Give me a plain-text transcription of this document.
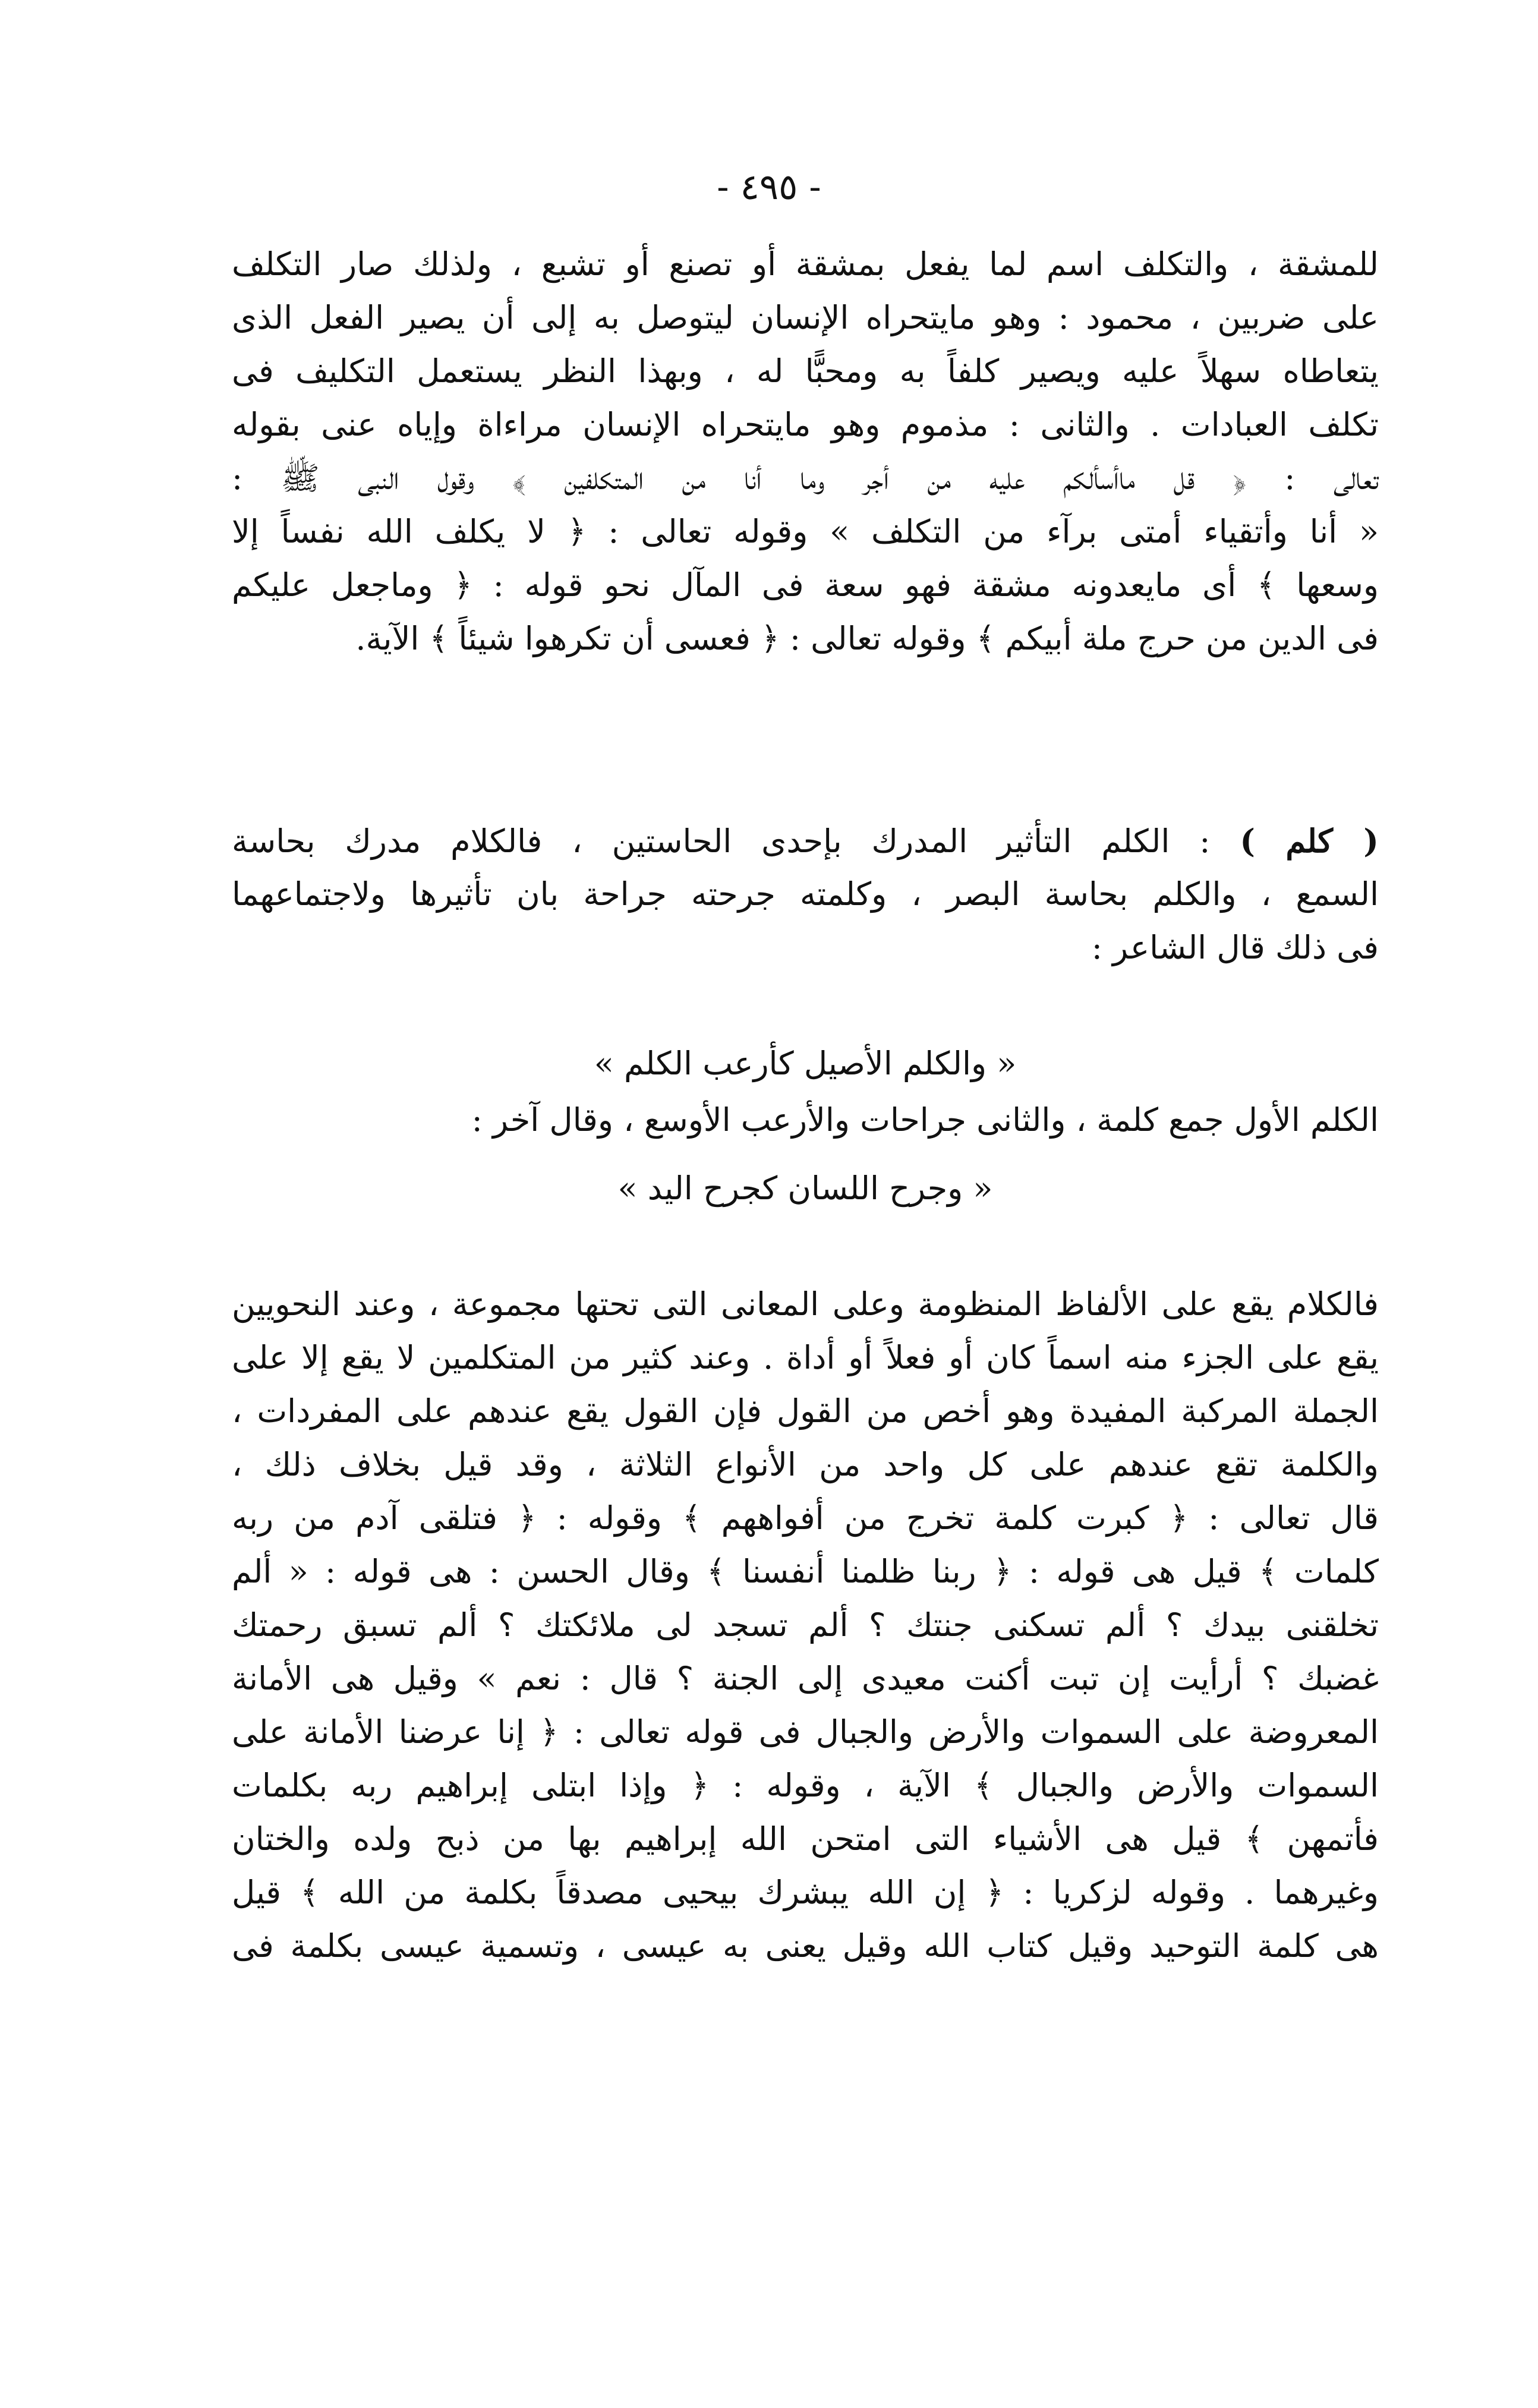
- ٤٩٥ -
للمشقة ، والتكلف اسم لما يفعل بمشقة أو تصنع أو تشبع ، ولذلك صار التكلف
على ضربين ، محمود : وهو مايتحراه الإنسان ليتوصل به إلى أن يصير الفعل الذى
يتعاطاه سهلاً عليه ويصير كلفاً به ومحبًّا له ، وبهذا النظر يستعمل التكليف فى
تكلف العبادات . والثانى : مذموم وهو مايتحراه الإنسان مراءاة وإياه عنى بقوله
تعالى : ﴿ قل ماأسألكم عليه من أجر وما أنا من المتكلفين ﴾ وقول النبى ﷺ :
« أنا وأتقياء أمتى برآء من التكلف » وقوله تعالى : ﴿ لا يكلف الله نفساً إلا
وسعها ﴾ أى مايعدونه مشقة فهو سعة فى المآل نحو قوله : ﴿ وماجعل عليكم
فى الدين من حرج ملة أبيكم ﴾ وقوله تعالى : ﴿ فعسى أن تكرهوا شيئاً ﴾ الآية.
( كلم ) : الكلم التأثير المدرك بإحدى الحاستين ، فالكلام مدرك بحاسة
السمع ، والكلم بحاسة البصر ، وكلمته جرحته جراحة بان تأثيرها ولاجتماعهما
فى ذلك قال الشاعر :
« والكلم الأصيل كأرعب الكلم »
الكلم الأول جمع كلمة ، والثانى جراحات والأرعب الأوسع ، وقال آخر :
« وجرح اللسان كجرح اليد »
فالكلام يقع على الألفاظ المنظومة وعلى المعانى التى تحتها مجموعة ، وعند النحويين
يقع على الجزء منه اسماً كان أو فعلاً أو أداة . وعند كثير من المتكلمين لا يقع إلا على
الجملة المركبة المفيدة وهو أخص من القول فإن القول يقع عندهم على المفردات ،
والكلمة تقع عندهم على كل واحد من الأنواع الثلاثة ، وقد قيل بخلاف ذلك ،
قال تعالى : ﴿ كبرت كلمة تخرج من أفواههم ﴾ وقوله : ﴿ فتلقى آدم من ربه
كلمات ﴾ قيل هى قوله : ﴿ ربنا ظلمنا أنفسنا ﴾ وقال الحسن : هى قوله : « ألم
تخلقنى بيدك ؟ ألم تسكنى جنتك ؟ ألم تسجد لى ملائكتك ؟ ألم تسبق رحمتك
غضبك ؟ أرأيت إن تبت أكنت معيدى إلى الجنة ؟ قال : نعم » وقيل هى الأمانة
المعروضة على السموات والأرض والجبال فى قوله تعالى : ﴿ إنا عرضنا الأمانة على
السموات والأرض والجبال ﴾ الآية ، وقوله : ﴿ وإذا ابتلى إبراهيم ربه بكلمات
فأتمهن ﴾ قيل هى الأشياء التى امتحن الله إبراهيم بها من ذبح ولده والختان
وغيرهما . وقوله لزكريا : ﴿ إن الله يبشرك بيحيى مصدقاً بكلمة من الله ﴾ قيل
هى كلمة التوحيد وقيل كتاب الله وقيل يعنى به عيسى ، وتسمية عيسى بكلمة فى
